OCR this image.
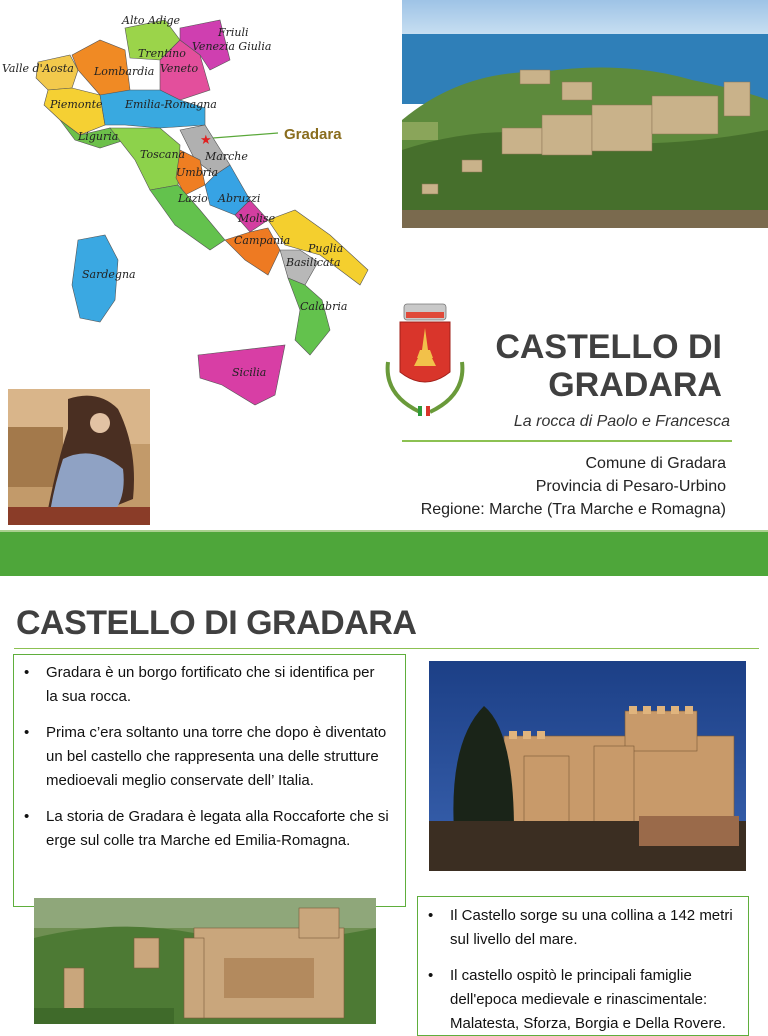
Alto Adige
Friuli
Venezia Giulia
Trentino
Veneto
Valle d'Aosta Lombardia
Piemonte Emilia-Romagna
Liguria
Toscana Marche
Umbria
Lazio Abruzzi
Molise
Campania
Puglia
Basilicata
Calabria
Sardegna
Sicilia
★	Gradara
CASTELLO DI
GRADARA
La rocca di Paolo e Francesca
Comune di Gradara
Provincia di Pesaro-Urbino
Regione: Marche (Tra Marche e Romagna)
CASTELLO DI GRADARA
• Gradara è un borgo fortificato che si identifica per la sua rocca.
• Prima c’era soltanto una torre che dopo è diventato un bel castello che rappresenta una delle strutture medioevali meglio conservate dell’ Italia.
• La storia de Gradara è legata alla Roccaforte che si erge sul colle tra Marche ed Emilia-Romagna.
• Il Castello sorge su una collina a 142 metri sul livello del mare.
• Il castello ospitò le principali famiglie dell'epoca medievale e rinascimentale: Malatesta, Sforza, Borgia e Della Rovere.
